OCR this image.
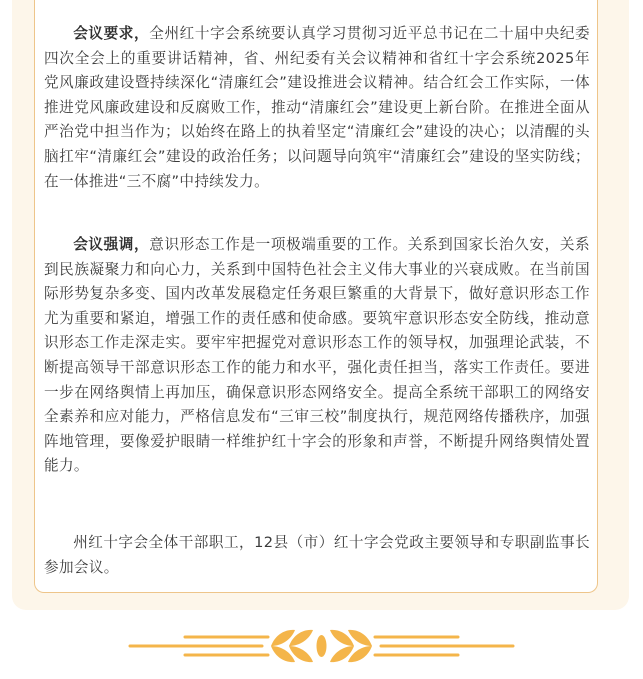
会议要求，全州红十字会系统要认真学习贯彻习近平总书记在二十届中央纪委四次全会上的重要讲话精神，省、州纪委有关会议精神和省红十字会系统2025年党风廉政建设暨持续深化“清廉红会”建设推进会议精神。结合红会工作实际，一体推进党风廉政建设和反腐败工作，推动“清廉红会”建设更上新台阶。在推进全面从严治党中担当作为；以始终在路上的执着坚定“清廉红会”建设的决心；以清醒的头脑扛牢“清廉红会”建设的政治任务；以问题导向筑牢“清廉红会”建设的坚实防线；在一体推进“三不腐”中持续发力。

会议强调，意识形态工作是一项极端重要的工作。关系到国家长治久安，关系到民族凝聚力和向心力，关系到中国特色社会主义伟大事业的兴衰成败。在当前国际形势复杂多变、国内改革发展稳定任务艰巨繁重的大背景下，做好意识形态工作尤为重要和紧迫，增强工作的责任感和使命感。要筑牢意识形态安全防线，推动意识形态工作走深走实。要牢牢把握党对意识形态工作的领导权，加强理论武装，不断提高领导干部意识形态工作的能力和水平，强化责任担当，落实工作责任。要进一步在网络舆情上再加压，确保意识形态网络安全。提高全系统干部职工的网络安全素养和应对能力，严格信息发布“三审三校”制度执行，规范网络传播秩序，加强阵地管理，要像爱护眼睛一样维护红十字会的形象和声誉，不断提升网络舆情处置能力。

州红十字会全体干部职工，12县（市）红十字会党政主要领导和专职副监事长参加会议。
